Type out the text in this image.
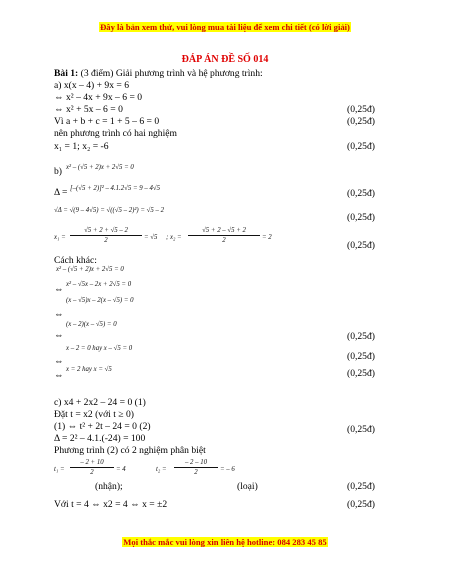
Đây là bản xem thử, vui lòng mua tài liệu để xem chi tiết (có lời giải)
ĐÁP ÁN ĐỀ SỐ 014
Bài 1: (3 điểm) Giải phương trình và hệ phương trình:
a) x(x – 4) + 9x = 6
⇔ x² – 4x + 9x – 6 = 0
⇔ x² + 5x – 6 = 0	(0,25đ)
Vì a + b + c = 1 + 5 – 6 = 0	(0,25đ)
nên phương trình có hai nghiệm
x₁ = 1; x₂ = -6	(0,25đ)
b) x² – (√5 + 2)x + 2√5 = 0
Δ = [–(√5 + 2)]² – 4.1.2√5 = 9 – 4√5	(0,25đ)
√Δ = √(9 – 4√5) = √((√5 – 2)²) = √5 – 2
(0,25đ)
$x_1 = \frac{√5 + 2 + √5 - 2}{2} = √5$ ; $x_2 = \frac{√5 + 2 - √5 + 2}{2} = 2$
(0,25đ)
Cách khác:
x² – (√5 + 2)x + 2√5 = 0
⇔ x² – √5x – 2x + 2√5 = 0
(x – √5)x – 2(x – √5) = 0
⇔
(x – 2)(x – √5) = 0
⇔	(0,25đ)
x – 2 = 0 hay x – √5 = 0
(0,25đ)
⇔
x = 2 hay x = √5
⇔	(0,25đ)
c) x4 + 2x2 – 24 = 0 (1)
Đặt t = x2 (với t ≥ 0)
(1) ⇔ t² + 2t – 24 = 0 (2)	(0,25đ)
Δ = 2² – 4.1.(-24) = 100
Phương trình (2) có 2 nghiệm phân biệt
$t_1 = \frac{- 2 + 10}{2} = 4$	$t_2 = \frac{- 2 - 10}{2}$ = – 6
(nhận);	(loại)	(0,25đ)
Với t = 4 ⇔ x2 = 4 ⇔ x = ±2	(0,25đ)
Mọi thắc mắc vui lòng xin liên hệ hotline: 084 283 45 85
